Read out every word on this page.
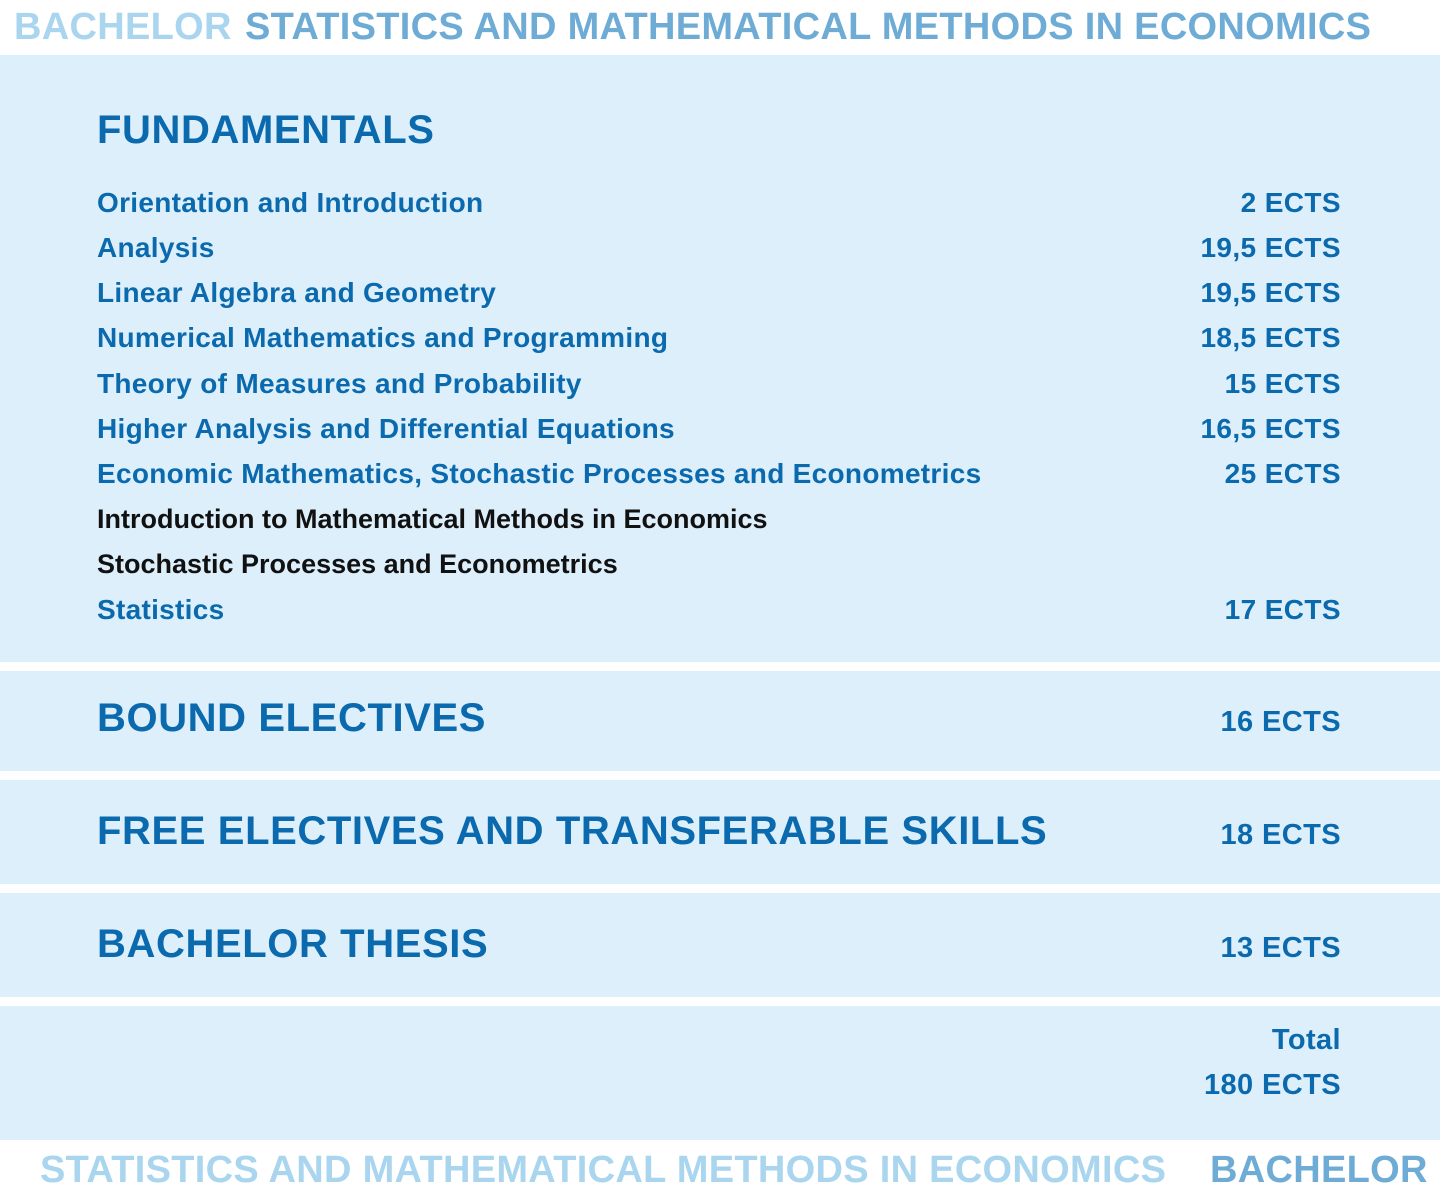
BACHELOR STATISTICS AND MATHEMATICAL METHODS IN ECONOMICS
FUNDAMENTALS
Orientation and Introduction	2 ECTS
Analysis	19,5 ECTS
Linear Algebra and Geometry	19,5 ECTS
Numerical Mathematics and Programming	18,5 ECTS
Theory of Measures and Probability	15 ECTS
Higher Analysis and Differential Equations	16,5 ECTS
Economic Mathematics, Stochastic Processes and Econometrics	25 ECTS
Introduction to Mathematical Methods in Economics
Stochastic Processes and Econometrics
Statistics	17 ECTS
BOUND ELECTIVES	16 ECTS
FREE ELECTIVES AND TRANSFERABLE SKILLS	18 ECTS
BACHELOR THESIS	13 ECTS
Total
180 ECTS
STATISTICS AND MATHEMATICAL METHODS IN ECONOMICS BACHELOR
